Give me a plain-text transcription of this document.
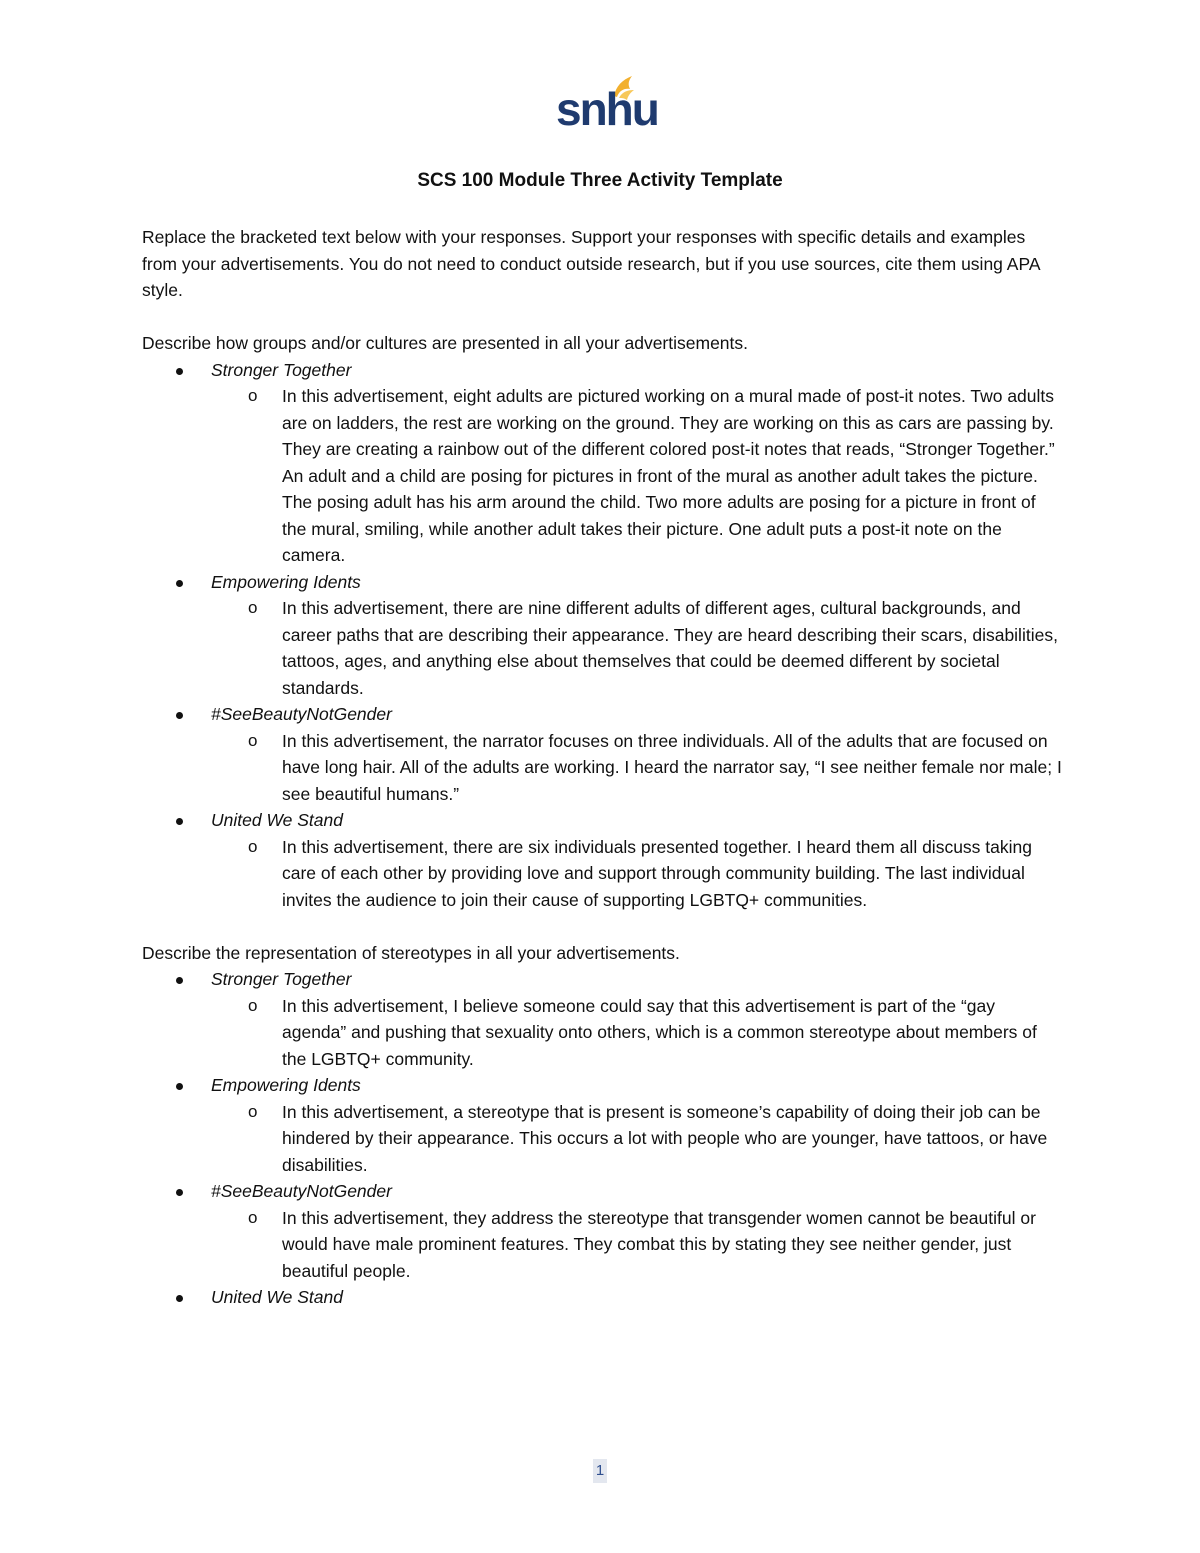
snhu
SCS 100 Module Three Activity Template

Replace the bracketed text below with your responses. Support your responses with specific details and examples from your advertisements. You do not need to conduct outside research, but if you use sources, cite them using APA style.

Describe how groups and/or cultures are presented in all your advertisements.

Stronger Together
o In this advertisement, eight adults are pictured working on a mural made of post-it notes. Two adults are on ladders, the rest are working on the ground. They are working on this as cars are passing by. They are creating a rainbow out of the different colored post-it notes that reads, “Stronger Together.” An adult and a child are posing for pictures in front of the mural as another adult takes the picture. The posing adult has his arm around the child. Two more adults are posing for a picture in front of the mural, smiling, while another adult takes their picture. One adult puts a post-it note on the camera.
Empowering Idents
o In this advertisement, there are nine different adults of different ages, cultural backgrounds, and career paths that are describing their appearance. They are heard describing their scars, disabilities, tattoos, ages, and anything else about themselves that could be deemed different by societal standards.
#SeeBeautyNotGender
o In this advertisement, the narrator focuses on three individuals. All of the adults that are focused on have long hair. All of the adults are working. I heard the narrator say, “I see neither female nor male; I see beautiful humans.”
United We Stand
o In this advertisement, there are six individuals presented together. I heard them all discuss taking care of each other by providing love and support through community building. The last individual invites the audience to join their cause of supporting LGBTQ+ communities.

Describe the representation of stereotypes in all your advertisements.

Stronger Together
o In this advertisement, I believe someone could say that this advertisement is part of the “gay agenda” and pushing that sexuality onto others, which is a common stereotype about members of the LGBTQ+ community.
Empowering Idents
o In this advertisement, a stereotype that is present is someone’s capability of doing their job can be hindered by their appearance. This occurs a lot with people who are younger, have tattoos, or have disabilities.
#SeeBeautyNotGender
o In this advertisement, they address the stereotype that transgender women cannot be beautiful or would have male prominent features. They combat this by stating they see neither gender, just beautiful people.
United We Stand
1
